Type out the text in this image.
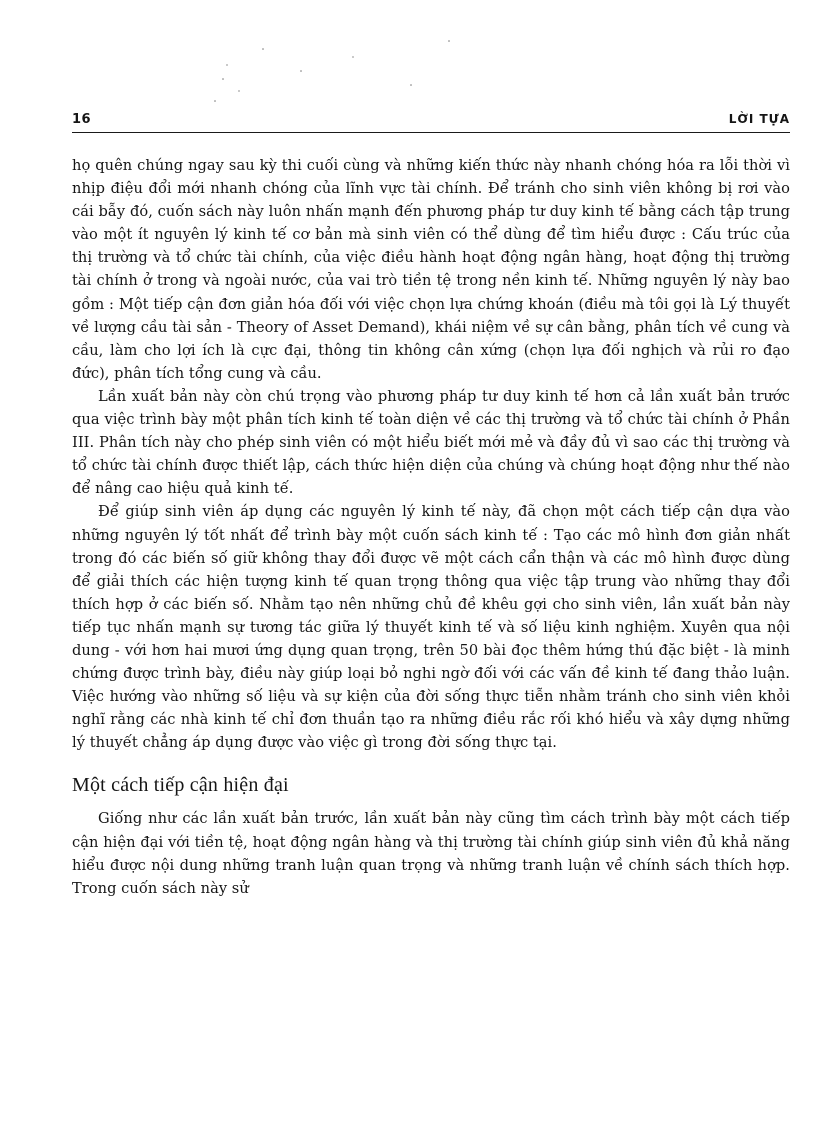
16	LỜI TỰA

họ quên chúng ngay sau kỳ thi cuối cùng và những kiến thức này nhanh chóng hóa ra lỗi thời vì nhịp điệu đổi mới nhanh chóng của lĩnh vực tài chính. Để tránh cho sinh viên không bị rơi vào cái bẫy đó, cuốn sách này luôn nhấn mạnh đến phương pháp tư duy kinh tế bằng cách tập trung vào một ít nguyên lý kinh tế cơ bản mà sinh viên có thể dùng để tìm hiểu được : Cấu trúc của thị trường và tổ chức tài chính, của việc điều hành hoạt động ngân hàng, hoạt động thị trường tài chính ở trong và ngoài nước, của vai trò tiền tệ trong nền kinh tế. Những nguyên lý này bao gồm : Một tiếp cận đơn giản hóa đối với việc chọn lựa chứng khoán (điều mà tôi gọi là Lý thuyết về lượng cầu tài sản - Theory of Asset Demand), khái niệm về sự cân bằng, phân tích về cung và cầu, làm cho lợi ích là cực đại, thông tin không cân xứng (chọn lựa đối nghịch và rủi ro đạo đức), phân tích tổng cung và cầu.

Lần xuất bản này còn chú trọng vào phương pháp tư duy kinh tế hơn cả lần xuất bản trước qua việc trình bày một phân tích kinh tế toàn diện về các thị trường và tổ chức tài chính ở Phần III. Phân tích này cho phép sinh viên có một hiểu biết mới mẻ và đầy đủ vì sao các thị trường và tổ chức tài chính được thiết lập, cách thức hiện diện của chúng và chúng hoạt động như thế nào để nâng cao hiệu quả kinh tế.

Để giúp sinh viên áp dụng các nguyên lý kinh tế này, đã chọn một cách tiếp cận dựa vào những nguyên lý tốt nhất để trình bày một cuốn sách kinh tế : Tạo các mô hình đơn giản nhất trong đó các biến số giữ không thay đổi được vẽ một cách cẩn thận và các mô hình được dùng để giải thích các hiện tượng kinh tế quan trọng thông qua việc tập trung vào những thay đổi thích hợp ở các biến số. Nhằm tạo nên những chủ đề khêu gợi cho sinh viên, lần xuất bản này tiếp tục nhấn mạnh sự tương tác giữa lý thuyết kinh tế và số liệu kinh nghiệm. Xuyên qua nội dung - với hơn hai mươi ứng dụng quan trọng, trên 50 bài đọc thêm hứng thú đặc biệt - là minh chứng được trình bày, điều này giúp loại bỏ nghi ngờ đối với các vấn đề kinh tế đang thảo luận. Việc hướng vào những số liệu và sự kiện của đời sống thực tiễn nhằm tránh cho sinh viên khỏi nghĩ rằng các nhà kinh tế chỉ đơn thuần tạo ra những điều rắc rối khó hiểu và xây dựng những lý thuyết chẳng áp dụng được vào việc gì trong đời sống thực tại.

Một cách tiếp cận hiện đại

Giống như các lần xuất bản trước, lần xuất bản này cũng tìm cách trình bày một cách tiếp cận hiện đại với tiền tệ, hoạt động ngân hàng và thị trường tài chính giúp sinh viên đủ khả năng hiểu được nội dung những tranh luận quan trọng và những tranh luận về chính sách thích hợp. Trong cuốn sách này sử
